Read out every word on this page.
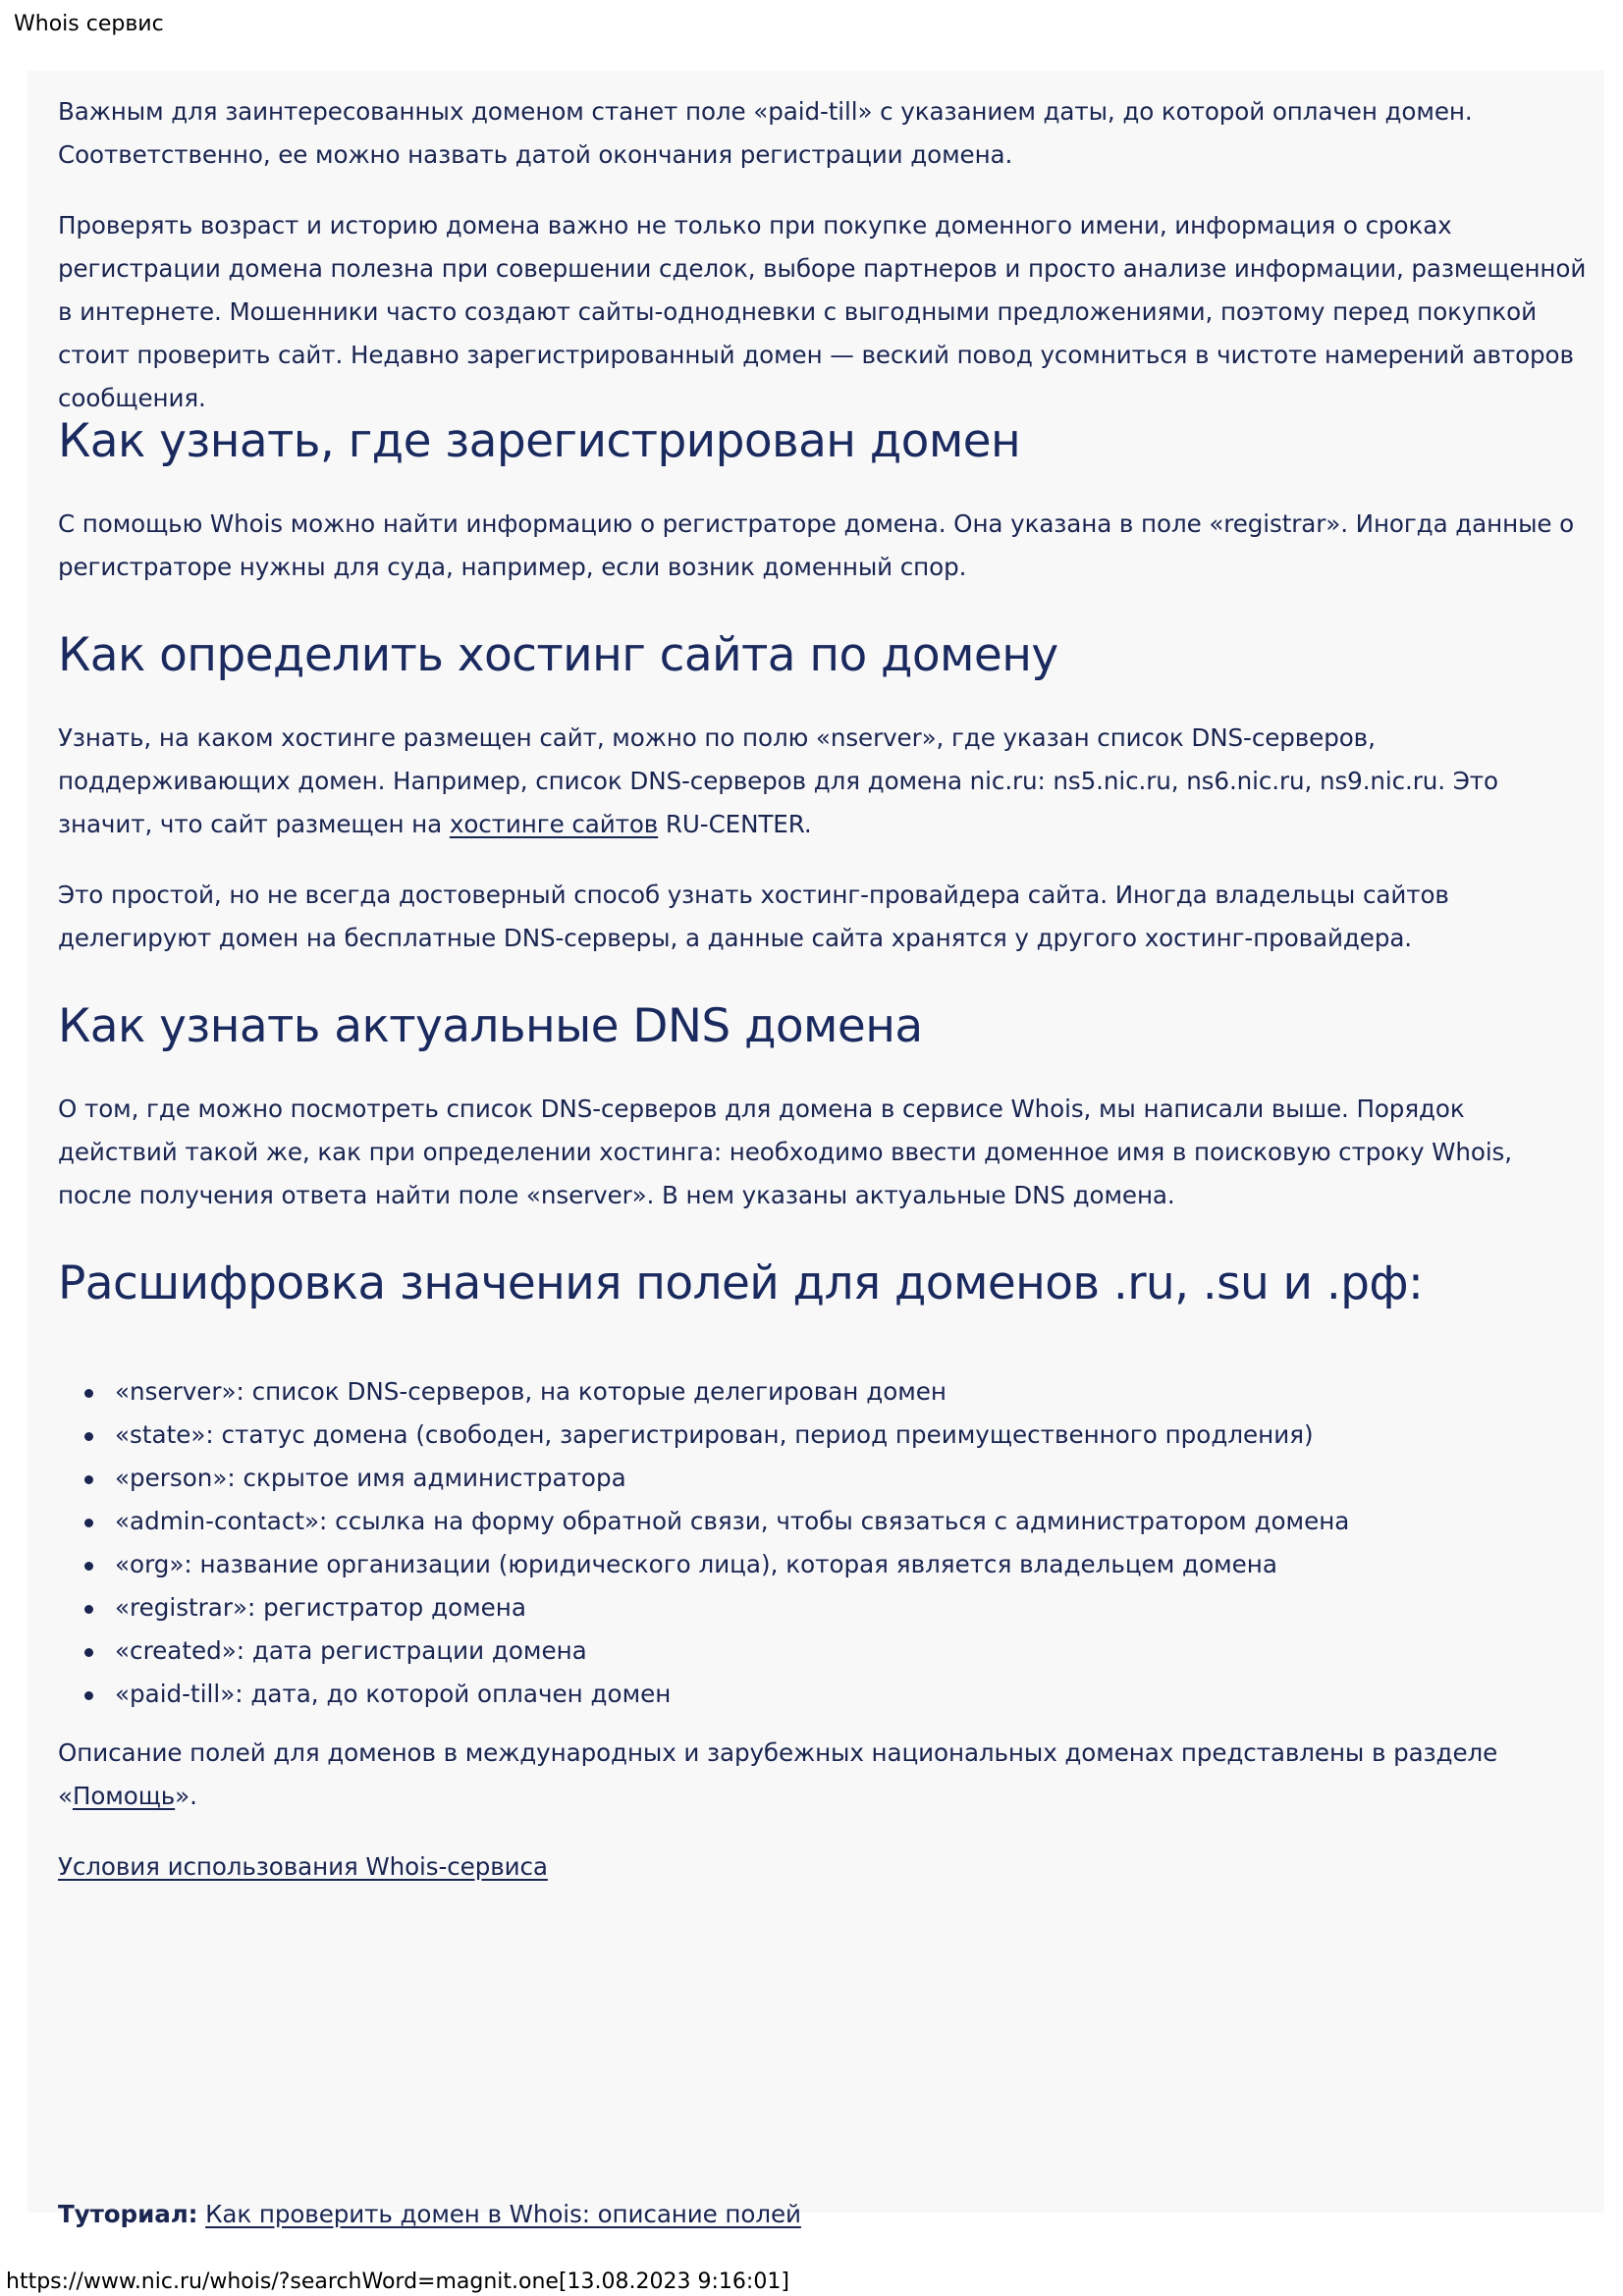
Whois сервис

Важным для заинтересованных доменом станет поле «paid-till» с указанием даты, до которой оплачен домен. Соответственно, ее можно назвать датой окончания регистрации домена.

Проверять возраст и историю домена важно не только при покупке доменного имени, информация о сроках регистрации домена полезна при совершении сделок, выборе партнеров и просто анализе информации, размещенной в интернете. Мошенники часто создают сайты-однодневки с выгодными предложениями, поэтому перед покупкой стоит проверить сайт. Недавно зарегистрированный домен — веский повод усомниться в чистоте намерений авторов сообщения.

Как узнать, где зарегистрирован домен

С помощью Whois можно найти информацию о регистраторе домена. Она указана в поле «registrar». Иногда данные о регистраторе нужны для суда, например, если возник доменный спор.

Как определить хостинг сайта по домену

Узнать, на каком хостинге размещен сайт, можно по полю «nserver», где указан список DNS-серверов, поддерживающих домен. Например, список DNS-серверов для домена nic.ru: ns5.nic.ru, ns6.nic.ru, ns9.nic.ru. Это значит, что сайт размещен на хостинге сайтов RU-CENTER.

Это простой, но не всегда достоверный способ узнать хостинг-провайдера сайта. Иногда владельцы сайтов делегируют домен на бесплатные DNS-серверы, а данные сайта хранятся у другого хостинг-провайдера.

Как узнать актуальные DNS домена

О том, где можно посмотреть список DNS-серверов для домена в сервисе Whois, мы написали выше. Порядок действий такой же, как при определении хостинга: необходимо ввести доменное имя в поисковую строку Whois, после получения ответа найти поле «nserver». В нем указаны актуальные DNS домена.

Расшифровка значения полей для доменов .ru, .su и .рф:
«nserver»: список DNS-серверов, на которые делегирован домен
«state»: статус домена (свободен, зарегистрирован, период преимущественного продления)
«person»: скрытое имя администратора
«admin-contact»: ссылка на форму обратной связи, чтобы связаться с администратором домена
«org»: название организации (юридического лица), которая является владельцем домена
«registrar»: регистратор домена
«created»: дата регистрации домена
«paid-till»: дата, до которой оплачен домен

Описание полей для доменов в международных и зарубежных национальных доменах представлены в разделе «Помощь».

Условия использования Whois-сервиса

Туториал: Как проверить домен в Whois: описание полей

https://www.nic.ru/whois/?searchWord=magnit.one[13.08.2023 9:16:01]
